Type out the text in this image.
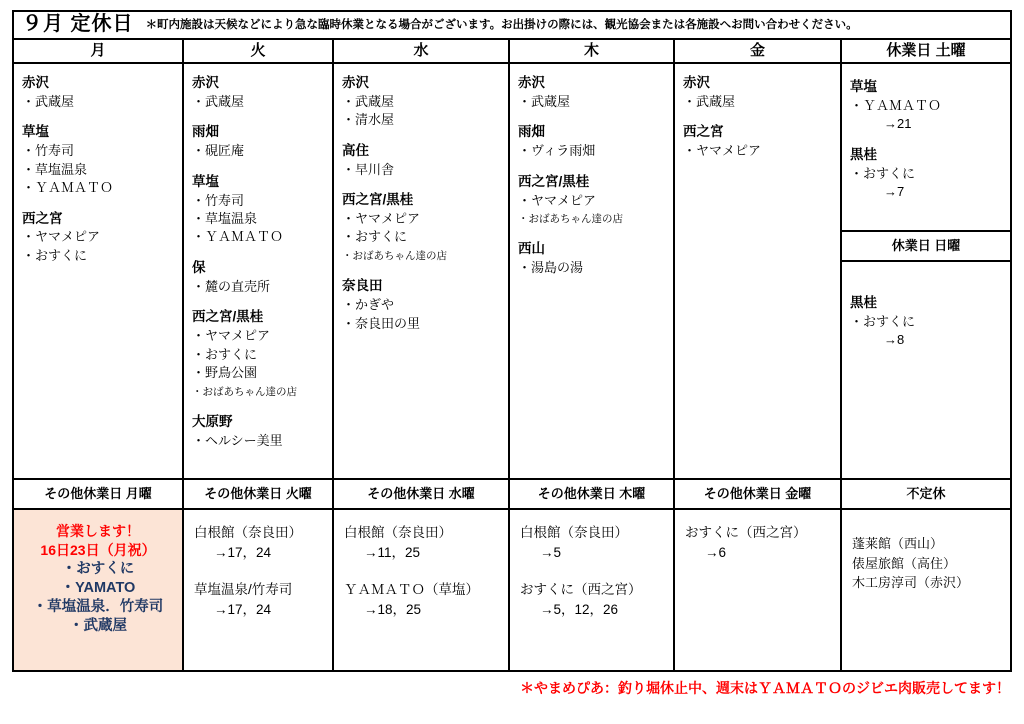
９月 定休日 ＊町内施設は天候などにより急な臨時休業となる場合がございます。お出掛けの際には、観光協会または各施設へお問い合わせください。
月
赤沢
・武蔵屋
草塩
・竹寿司
・草塩温泉
・ＹＡＭＡＴＯ
西之宮
・ヤマメピア
・おすくに
その他休業日 月曜
営業します！
16日23日（月祝）
・おすくに
・YAMATO
・草塩温泉．竹寿司
・武蔵屋
火
赤沢
・武蔵屋
雨畑
・硯匠庵
草塩
・竹寿司
・草塩温泉
・ＹＡＭＡＴＯ
保
・麓の直売所
西之宮/黒桂
・ヤマメピア
・おすくに
・野鳥公園
・おばあちゃん達の店
大原野
・ヘルシー美里
その他休業日 火曜
白根館（奈良田）
→17，24
草塩温泉/竹寿司
→17，24
水
赤沢
・武蔵屋
・清水屋
高住
・早川舎
西之宮/黒桂
・ヤマメピア
・おすくに
・おばあちゃん達の店
奈良田
・かぎや
・奈良田の里
その他休業日 水曜
白根館（奈良田）
→11，25
ＹＡＭＡＴＯ（草塩）
→18，25
木
赤沢
・武蔵屋
雨畑
・ヴィラ雨畑
西之宮/黒桂
・ヤマメピア
・おばあちゃん達の店
西山
・湯島の湯
その他休業日 木曜
白根館（奈良田）
→5
おすくに（西之宮）
→5，12，26
金
赤沢
・武蔵屋
西之宮
・ヤマメピア
その他休業日 金曜
おすくに（西之宮）
→6
休業日 土曜
草塩
・ＹＡＭＡＴＯ
→21
黒桂
・おすくに
→7
休業日 日曜
黒桂
・おすくに
→8
不定休
蓬莱館（西山）
俵屋旅館（高住）
木工房淳司（赤沢）
＊やまめぴあ：釣り堀休止中、週末はＹＡＭＡＴＯのジビエ肉販売してます！
